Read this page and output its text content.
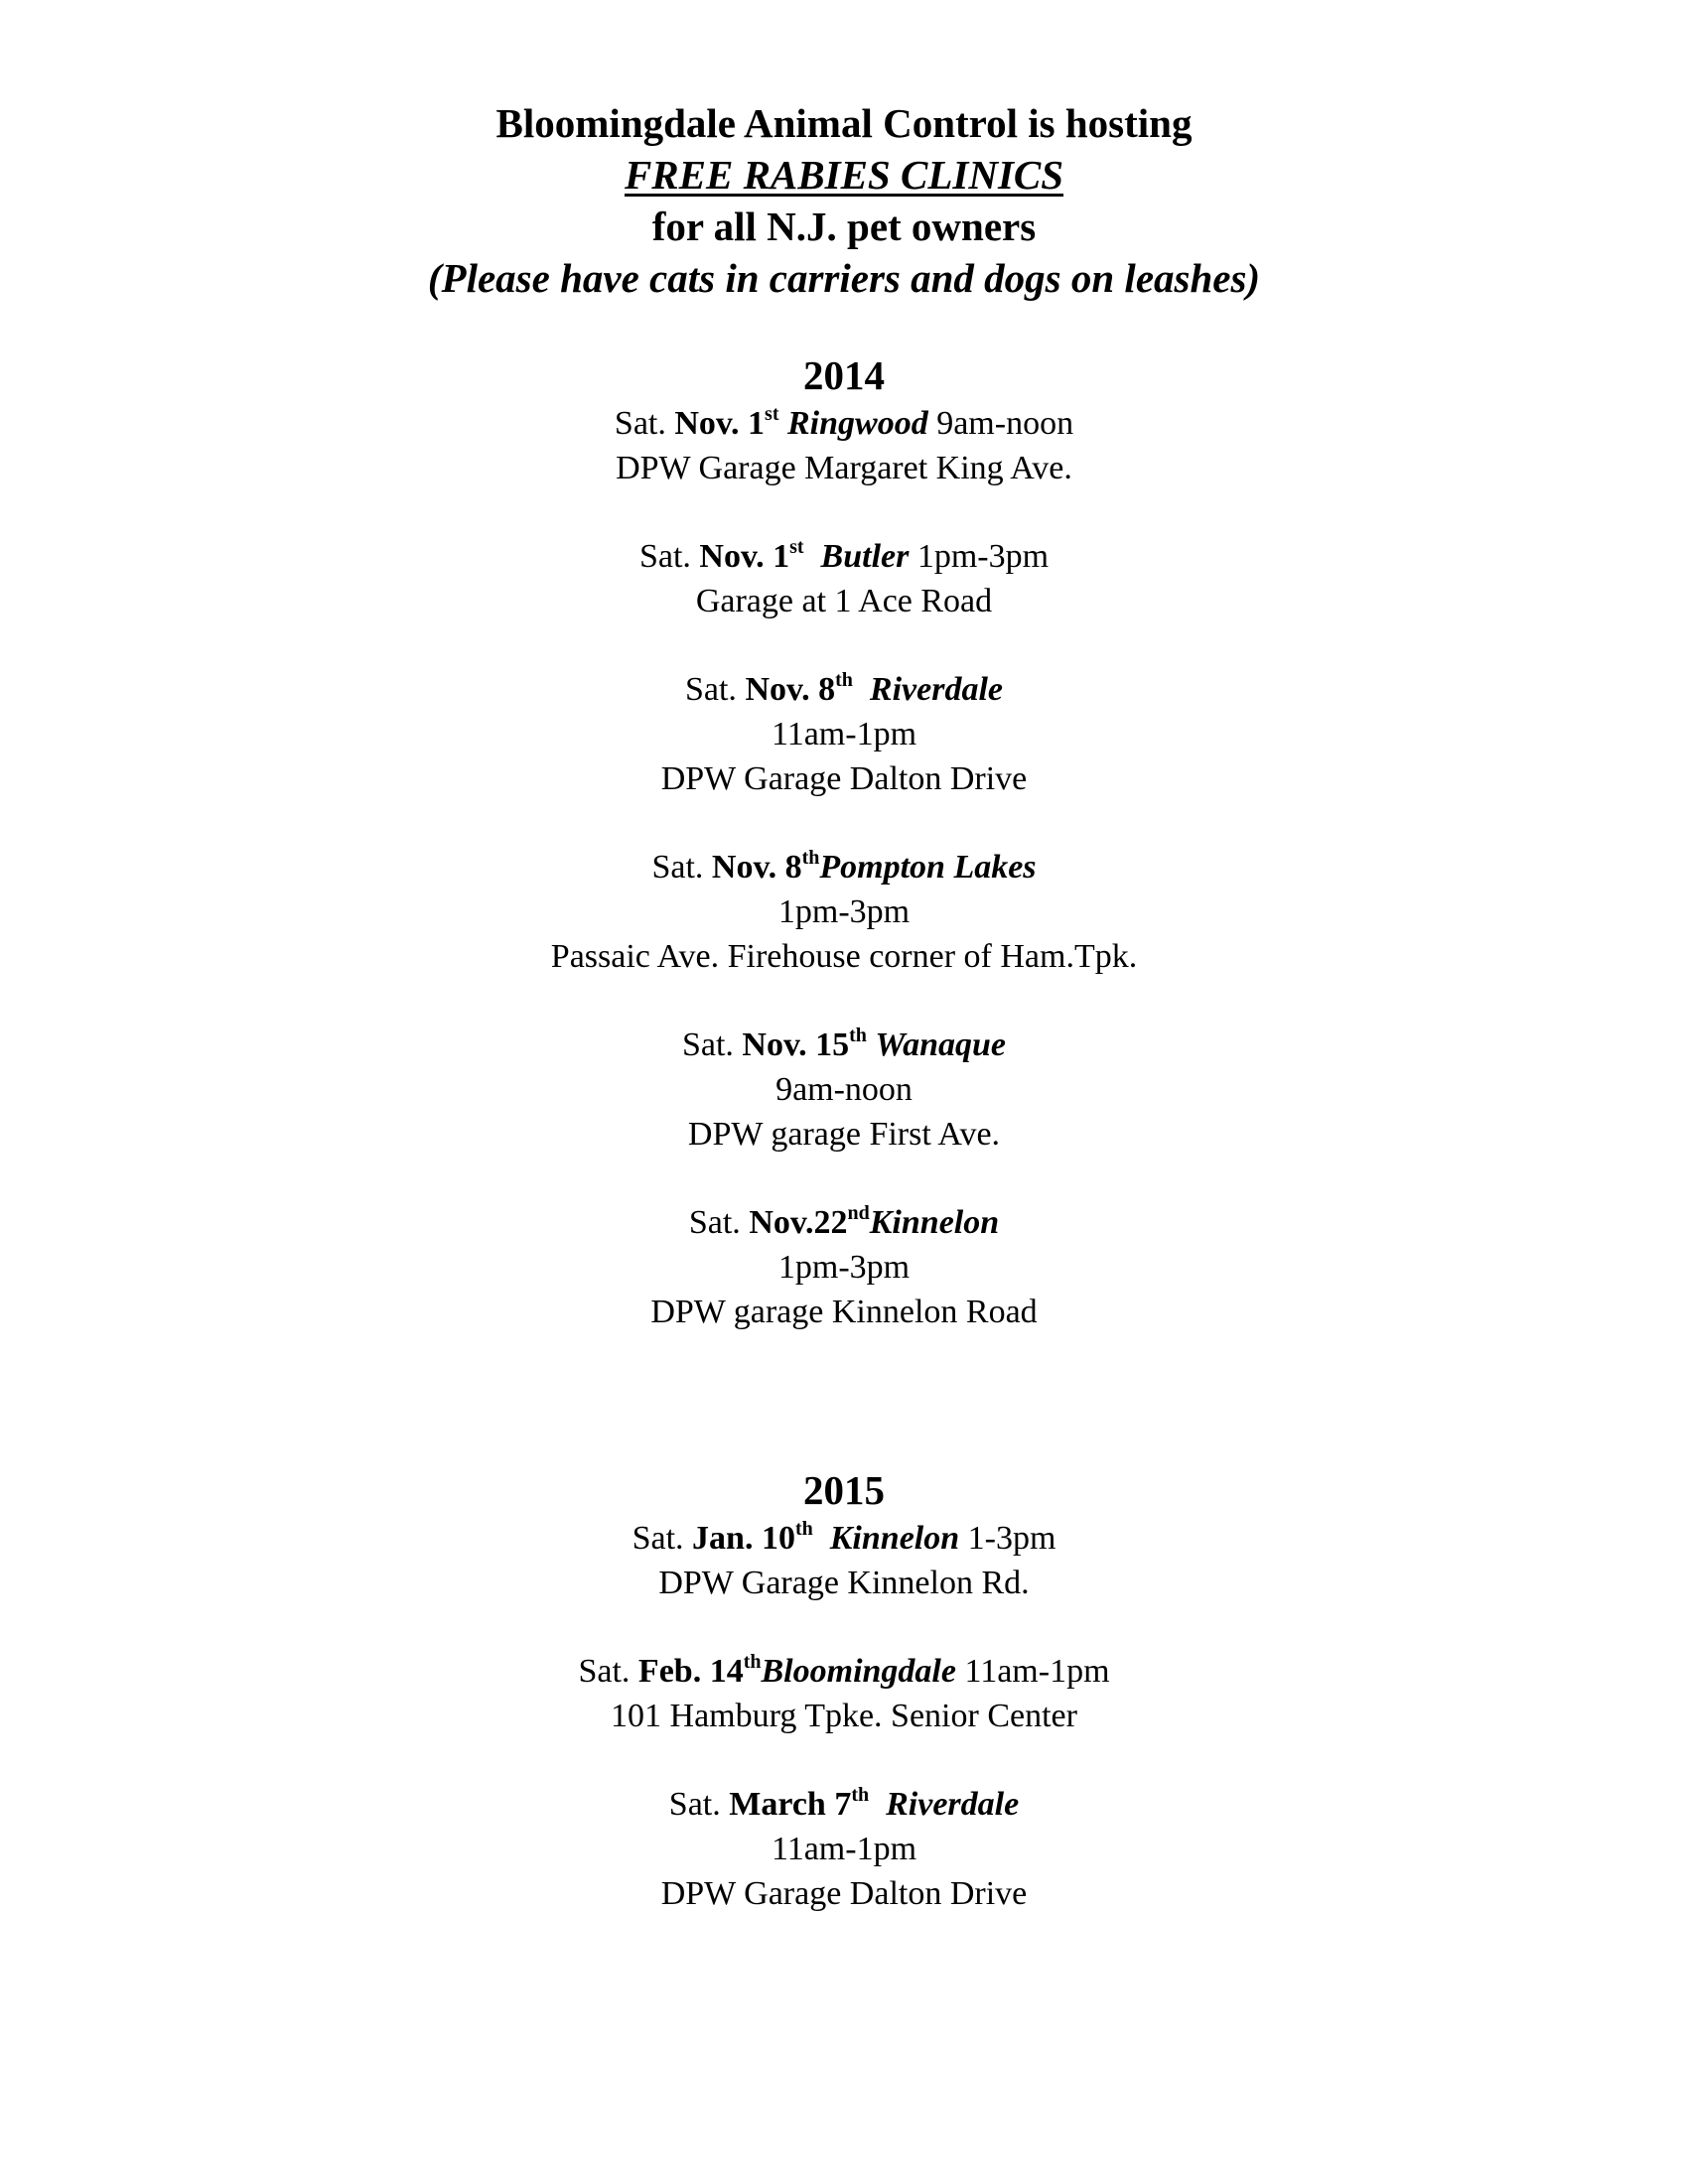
Bloomingdale Animal Control is hosting
FREE RABIES CLINICS
for all N.J. pet owners
(Please have cats in carriers and dogs on leashes)
2014
Sat. Nov. 1st Ringwood 9am-noon
DPW Garage Margaret King Ave.
Sat. Nov. 1st Butler 1pm-3pm
Garage at 1 Ace Road
Sat. Nov. 8th Riverdale
11am-1pm
DPW Garage Dalton Drive
Sat. Nov. 8thPompton Lakes
1pm-3pm
Passaic Ave. Firehouse corner of Ham.Tpk.
Sat. Nov. 15th Wanaque
9am-noon
DPW garage First Ave.
Sat. Nov.22ndKinnelon
1pm-3pm
DPW garage Kinnelon Road
2015
Sat. Jan. 10th Kinnelon 1-3pm
DPW Garage Kinnelon Rd.
Sat. Feb. 14thBloomingdale 11am-1pm
101 Hamburg Tpke. Senior Center
Sat. March 7th Riverdale
11am-1pm
DPW Garage Dalton Drive
